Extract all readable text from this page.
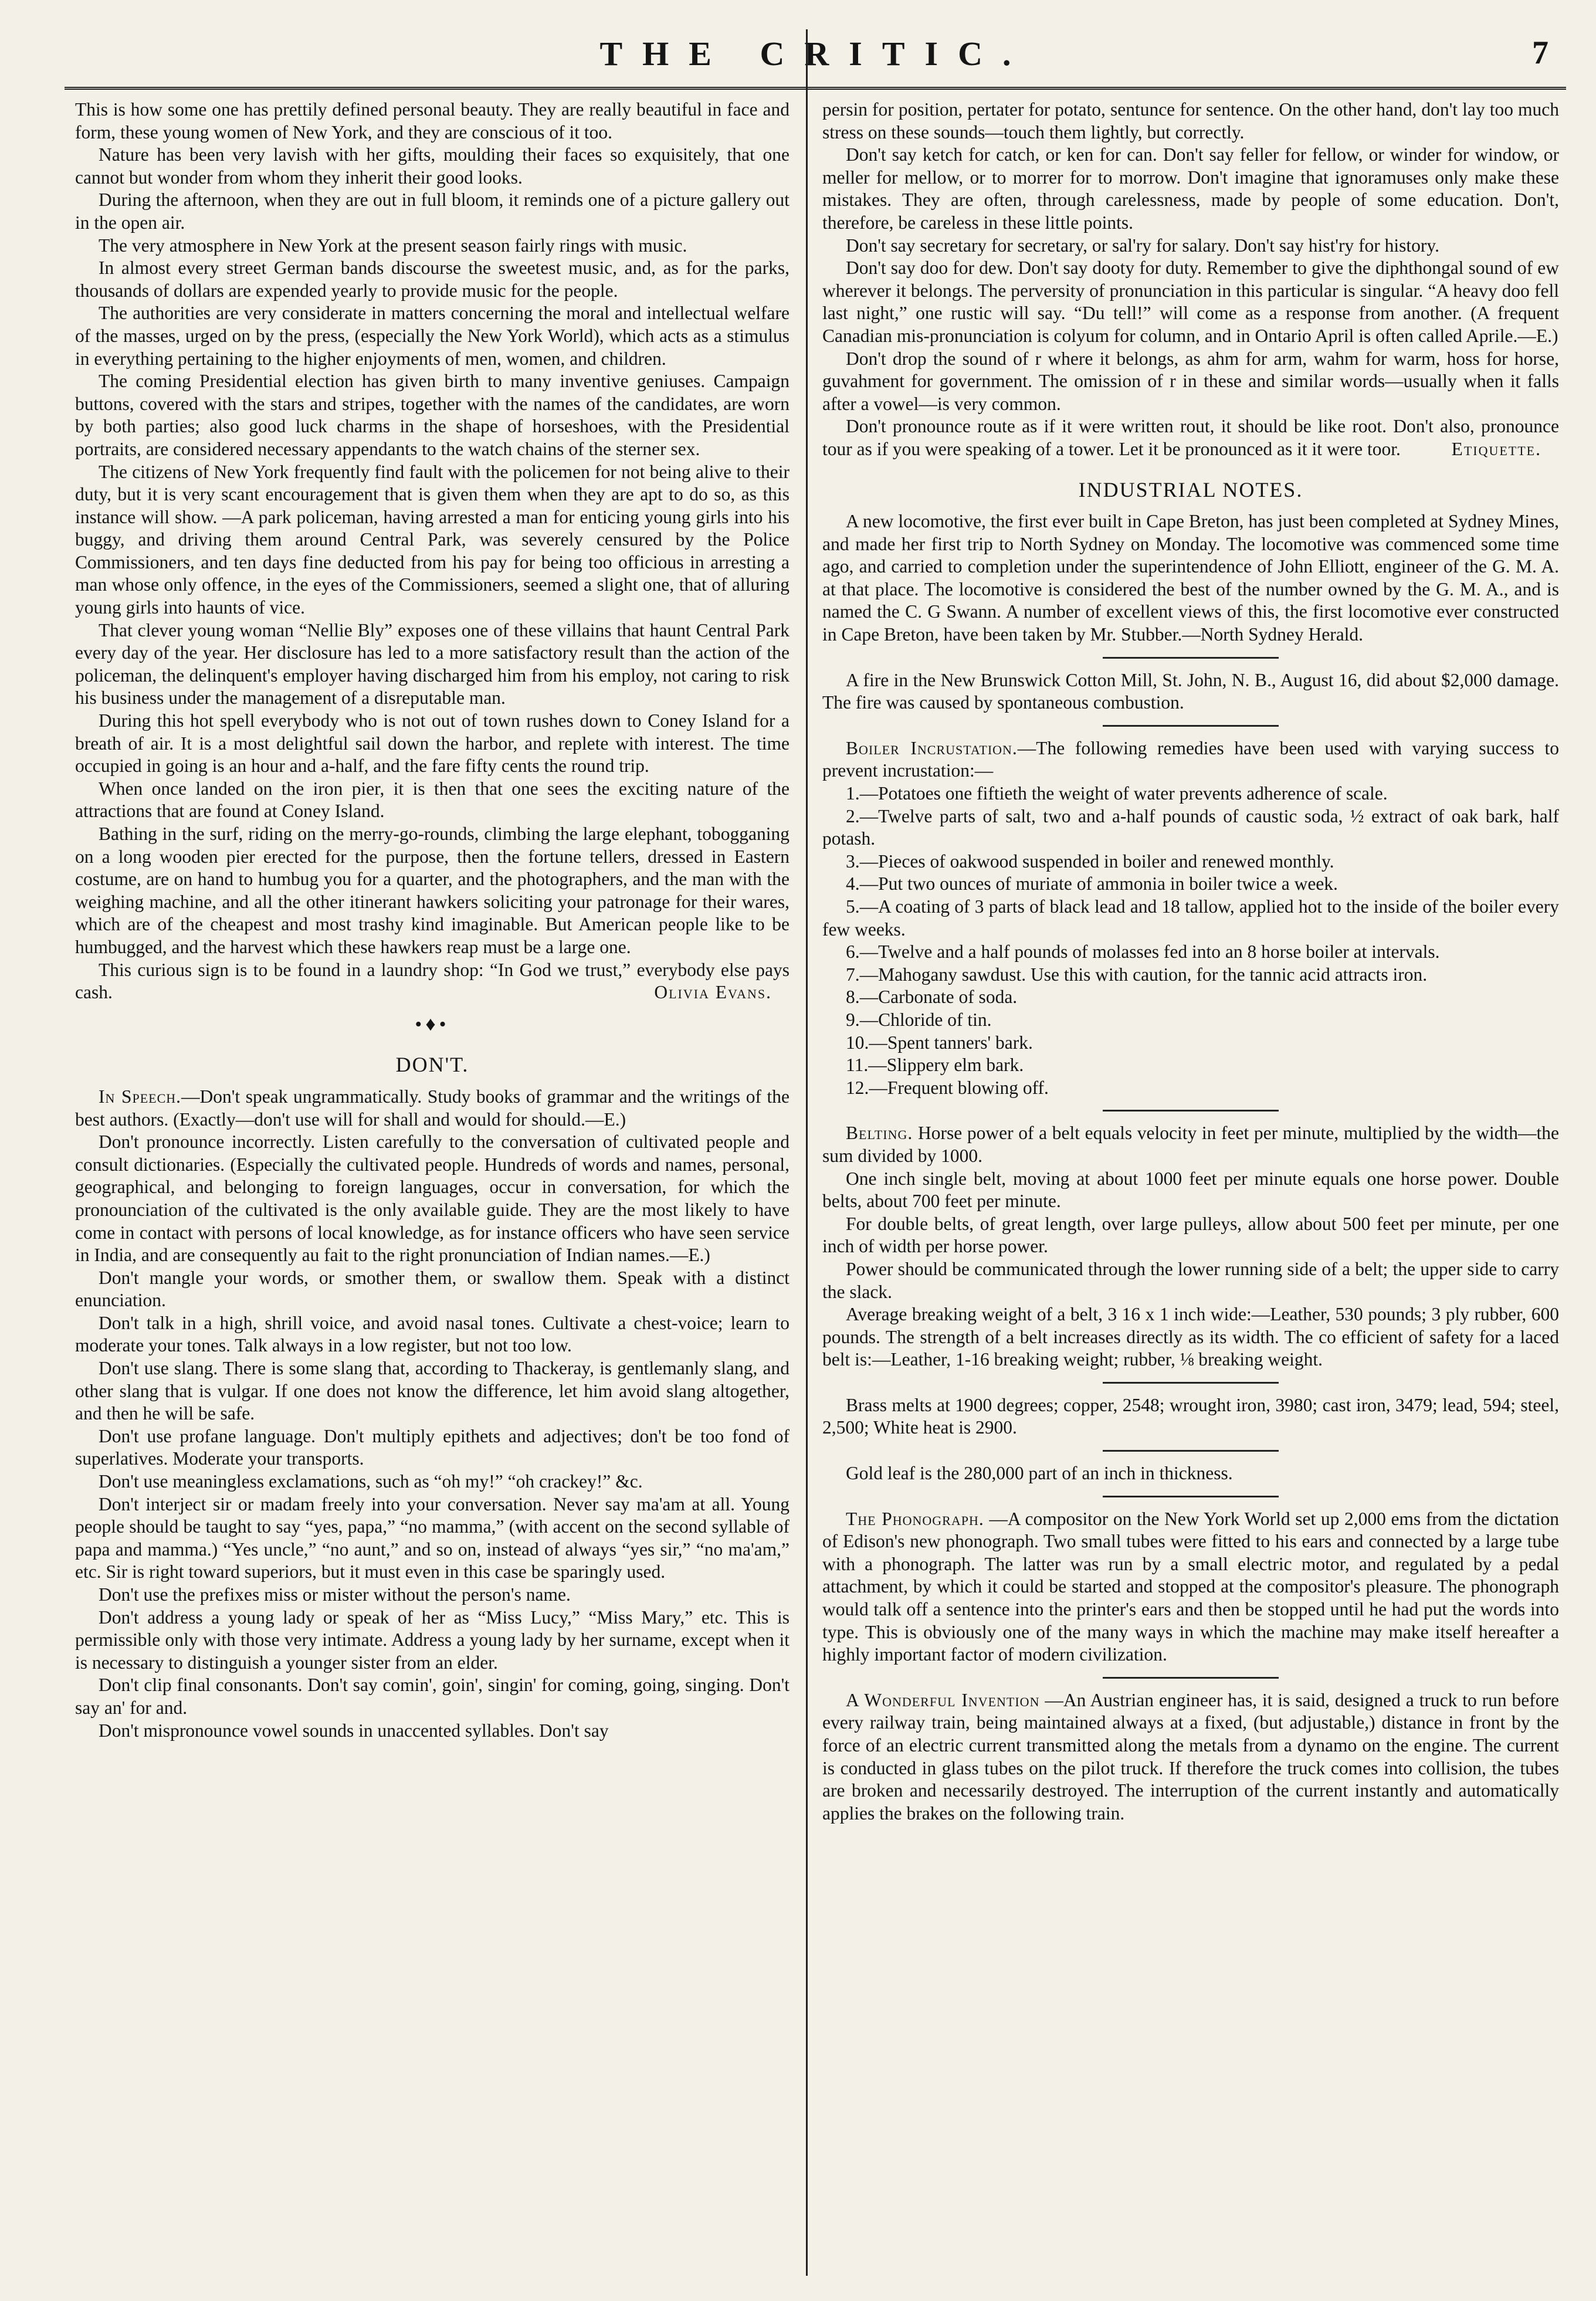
THE CRITIC.	7

This is how some one has prettily defined personal beauty. They are really beautiful in face and form, these young women of New York, and they are conscious of it too.

Nature has been very lavish with her gifts, moulding their faces so exquisitely, that one cannot but wonder from whom they inherit their good looks.

During the afternoon, when they are out in full bloom, it reminds one of a picture gallery out in the open air.

The very atmosphere in New York at the present season fairly rings with music.

In almost every street German bands discourse the sweetest music, and, as for the parks, thousands of dollars are expended yearly to provide music for the people.

The authorities are very considerate in matters concerning the moral and intellectual welfare of the masses, urged on by the press, (especially the New York World), which acts as a stimulus in everything pertaining to the higher enjoyments of men, women, and children.

The coming Presidential election has given birth to many inventive geniuses. Campaign buttons, covered with the stars and stripes, together with the names of the candidates, are worn by both parties; also good luck charms in the shape of horseshoes, with the Presidential portraits, are considered necessary appendants to the watch chains of the sterner sex.

The citizens of New York frequently find fault with the policemen for not being alive to their duty, but it is very scant encouragement that is given them when they are apt to do so, as this instance will show. —A park policeman, having arrested a man for enticing young girls into his buggy, and driving them around Central Park, was severely censured by the Police Commissioners, and ten days fine deducted from his pay for being too officious in arresting a man whose only offence, in the eyes of the Commissioners, seemed a slight one, that of alluring young girls into haunts of vice.

That clever young woman “Nellie Bly” exposes one of these villains that haunt Central Park every day of the year. Her disclosure has led to a more satisfactory result than the action of the policeman, the delinquent's employer having discharged him from his employ, not caring to risk his business under the management of a disreputable man.

During this hot spell everybody who is not out of town rushes down to Coney Island for a breath of air. It is a most delightful sail down the harbor, and replete with interest. The time occupied in going is an hour and a-half, and the fare fifty cents the round trip.

When once landed on the iron pier, it is then that one sees the exciting nature of the attractions that are found at Coney Island.

Bathing in the surf, riding on the merry-go-rounds, climbing the large elephant, tobogganing on a long wooden pier erected for the purpose, then the fortune tellers, dressed in Eastern costume, are on hand to humbug you for a quarter, and the photographers, and the man with the weighing machine, and all the other itinerant hawkers soliciting your patronage for their wares, which are of the cheapest and most trashy kind imaginable. But American people like to be humbugged, and the harvest which these hawkers reap must be a large one.

This curious sign is to be found in a laundry shop: “In God we trust,” everybody else pays cash.	Olivia Evans.

•♦•
DON'T.

In Speech.—Don't speak ungrammatically. Study books of grammar and the writings of the best authors. (Exactly—don't use will for shall and would for should.—E.)

Don't pronounce incorrectly. Listen carefully to the conversation of cultivated people and consult dictionaries. (Especially the cultivated people. Hundreds of words and names, personal, geographical, and belonging to foreign languages, occur in conversation, for which the pronounciation of the cultivated is the only available guide. They are the most likely to have come in contact with persons of local knowledge, as for instance officers who have seen service in India, and are consequently au fait to the right pronunciation of Indian names.—E.)

Don't mangle your words, or smother them, or swallow them. Speak with a distinct enunciation.

Don't talk in a high, shrill voice, and avoid nasal tones. Cultivate a chest-voice; learn to moderate your tones. Talk always in a low register, but not too low.

Don't use slang. There is some slang that, according to Thackeray, is gentlemanly slang, and other slang that is vulgar. If one does not know the difference, let him avoid slang altogether, and then he will be safe.

Don't use profane language. Don't multiply epithets and adjectives; don't be too fond of superlatives. Moderate your transports.

Don't use meaningless exclamations, such as “oh my!” “oh crackey!” &c.

Don't interject sir or madam freely into your conversation. Never say ma'am at all. Young people should be taught to say “yes, papa,” “no mamma,” (with accent on the second syllable of papa and mamma.) “Yes uncle,” “no aunt,” and so on, instead of always “yes sir,” “no ma'am,” etc. Sir is right toward superiors, but it must even in this case be sparingly used.

Don't use the prefixes miss or mister without the person's name.

Don't address a young lady or speak of her as “Miss Lucy,” “Miss Mary,” etc. This is permissible only with those very intimate. Address a young lady by her surname, except when it is necessary to distinguish a younger sister from an elder.

Don't clip final consonants. Don't say comin', goin', singin' for coming, going, singing. Don't say an' for and.

Don't mispronounce vowel sounds in unaccented syllables. Don't say

persin for position, pertater for potato, sentunce for sentence. On the other hand, don't lay too much stress on these sounds—touch them lightly, but correctly.

Don't say ketch for catch, or ken for can. Don't say feller for fellow, or winder for window, or meller for mellow, or to morrer for to morrow. Don't imagine that ignoramuses only make these mistakes. They are often, through carelessness, made by people of some education. Don't, therefore, be careless in these little points.

Don't say secretary for secretary, or sal'ry for salary. Don't say hist'ry for history.

Don't say doo for dew. Don't say dooty for duty. Remember to give the diphthongal sound of ew wherever it belongs. The perversity of pronunciation in this particular is singular. “A heavy doo fell last night,” one rustic will say. “Du tell!” will come as a response from another. (A frequent Canadian mis-pronunciation is colyum for column, and in Ontario April is often called Aprile.—E.)

Don't drop the sound of r where it belongs, as ahm for arm, wahm for warm, hoss for horse, guvahment for government. The omission of r in these and similar words—usually when it falls after a vowel—is very common.

Don't pronounce route as if it were written rout, it should be like root. Don't also, pronounce tour as if you were speaking of a tower. Let it be pronounced as it it were toor.	Etiquette.

INDUSTRIAL NOTES.

A new locomotive, the first ever built in Cape Breton, has just been completed at Sydney Mines, and made her first trip to North Sydney on Monday. The locomotive was commenced some time ago, and carried to completion under the superintendence of John Elliott, engineer of the G. M. A. at that place. The locomotive is considered the best of the number owned by the G. M. A., and is named the C. G Swann. A number of excellent views of this, the first locomotive ever constructed in Cape Breton, have been taken by Mr. Stubber.—North Sydney Herald.

A fire in the New Brunswick Cotton Mill, St. John, N. B., August 16, did about $2,000 damage. The fire was caused by spontaneous combustion.

Boiler Incrustation.—The following remedies have been used with varying success to prevent incrustation:—

1.—Potatoes one fiftieth the weight of water prevents adherence of scale.

2.—Twelve parts of salt, two and a-half pounds of caustic soda, ½ extract of oak bark, half potash.

3.—Pieces of oakwood suspended in boiler and renewed monthly.

4.—Put two ounces of muriate of ammonia in boiler twice a week.

5.—A coating of 3 parts of black lead and 18 tallow, applied hot to the inside of the boiler every few weeks.

6.—Twelve and a half pounds of molasses fed into an 8 horse boiler at intervals.

7.—Mahogany sawdust. Use this with caution, for the tannic acid attracts iron.

8.—Carbonate of soda.

9.—Chloride of tin.

10.—Spent tanners' bark.

11.—Slippery elm bark.

12.—Frequent blowing off.

Belting. Horse power of a belt equals velocity in feet per minute, multiplied by the width—the sum divided by 1000.

One inch single belt, moving at about 1000 feet per minute equals one horse power. Double belts, about 700 feet per minute.

For double belts, of great length, over large pulleys, allow about 500 feet per minute, per one inch of width per horse power.

Power should be communicated through the lower running side of a belt; the upper side to carry the slack.

Average breaking weight of a belt, 3 16 x 1 inch wide:—Leather, 530 pounds; 3 ply rubber, 600 pounds. The strength of a belt increases directly as its width. The co efficient of safety for a laced belt is:—Leather, 1-16 breaking weight; rubber, ⅛ breaking weight.

Brass melts at 1900 degrees; copper, 2548; wrought iron, 3980; cast iron, 3479; lead, 594; steel, 2,500; White heat is 2900.

Gold leaf is the 280,000 part of an inch in thickness.

The Phonograph. —A compositor on the New York World set up 2,000 ems from the dictation of Edison's new phonograph. Two small tubes were fitted to his ears and connected by a large tube with a phonograph. The latter was run by a small electric motor, and regulated by a pedal attachment, by which it could be started and stopped at the compositor's pleasure. The phonograph would talk off a sentence into the printer's ears and then be stopped until he had put the words into type. This is obviously one of the many ways in which the machine may make itself hereafter a highly important factor of modern civilization.

A Wonderful Invention —An Austrian engineer has, it is said, designed a truck to run before every railway train, being maintained always at a fixed, (but adjustable,) distance in front by the force of an electric current transmitted along the metals from a dynamo on the engine. The current is conducted in glass tubes on the pilot truck. If therefore the truck comes into collision, the tubes are broken and necessarily destroyed. The interruption of the current instantly and automatically applies the brakes on the following train.
